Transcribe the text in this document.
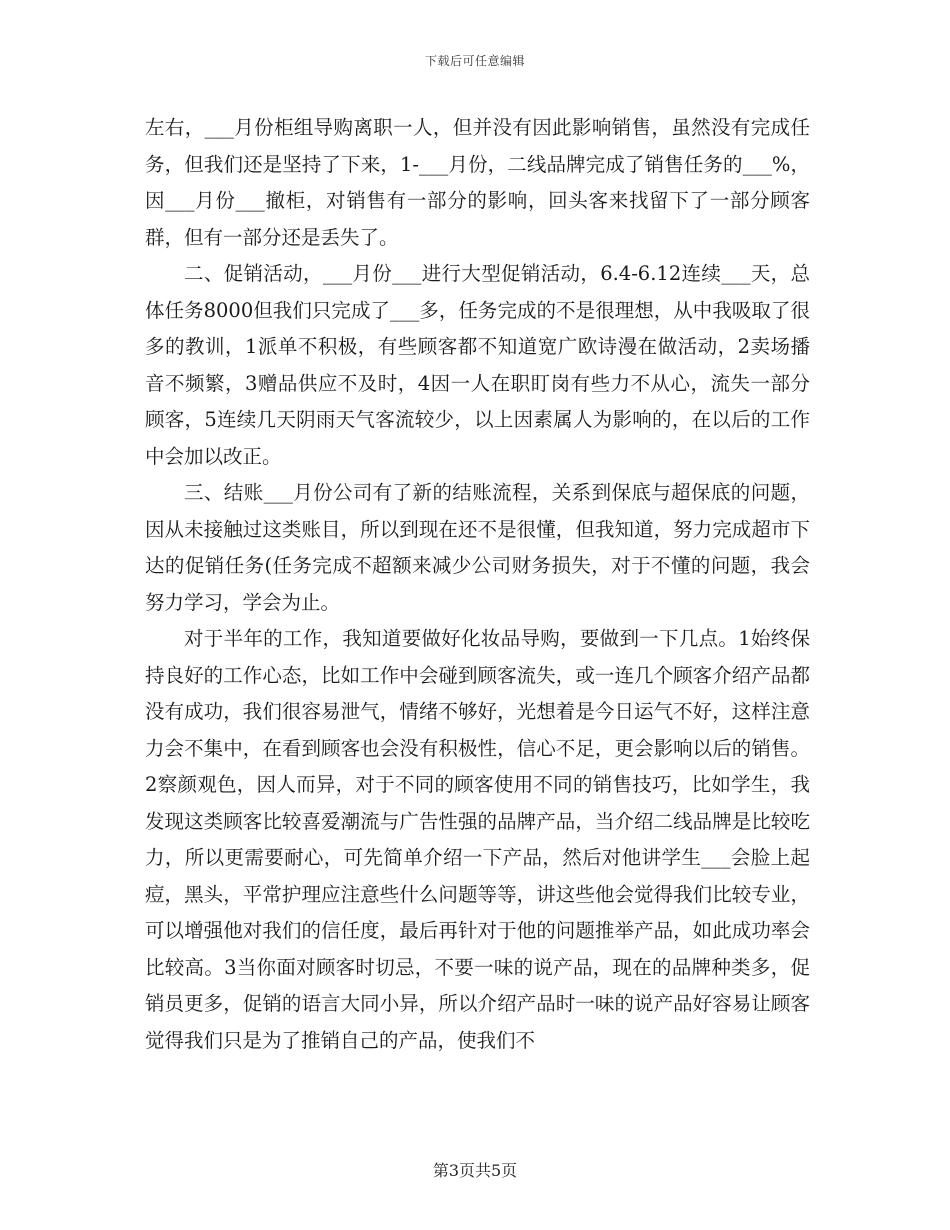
下载后可任意编辑

左右，___月份柜组导购离职一人，但并没有因此影响销售，虽然没有完成任务，但我们还是坚持了下来，1-___月份，二线品牌完成了销售任务的___%，因___月份___撤柜，对销售有一部分的影响，回头客来找留下了一部分顾客群，但有一部分还是丢失了。

二、促销活动，___月份___进行大型促销活动，6.4-6.12连续___天，总体任务8000但我们只完成了___多，任务完成的不是很理想，从中我吸取了很多的教训，1派单不积极，有些顾客都不知道宽广欧诗漫在做活动，2卖场播音不频繁，3赠品供应不及时，4因一人在职盯岗有些力不从心，流失一部分顾客，5连续几天阴雨天气客流较少，以上因素属人为影响的，在以后的工作中会加以改正。

三、结账___月份公司有了新的结账流程，关系到保底与超保底的问题，因从未接触过这类账目，所以到现在还不是很懂，但我知道，努力完成超市下达的促销任务(任务完成不超额来减少公司财务损失，对于不懂的问题，我会努力学习，学会为止。

对于半年的工作，我知道要做好化妆品导购，要做到一下几点。1始终保持良好的工作心态，比如工作中会碰到顾客流失，或一连几个顾客介绍产品都没有成功，我们很容易泄气，情绪不够好，光想着是今日运气不好，这样注意力会不集中，在看到顾客也会没有积极性，信心不足，更会影响以后的销售。2察颜观色，因人而异，对于不同的顾客使用不同的销售技巧，比如学生，我发现这类顾客比较喜爱潮流与广告性强的品牌产品，当介绍二线品牌是比较吃力，所以更需要耐心，可先简单介绍一下产品，然后对他讲学生___会脸上起痘，黑头，平常护理应注意些什么问题等等，讲这些他会觉得我们比较专业，可以增强他对我们的信任度，最后再针对于他的问题推举产品，如此成功率会比较高。3当你面对顾客时切忌，不要一味的说产品，现在的品牌种类多，促销员更多，促销的语言大同小异，所以介绍产品时一味的说产品好容易让顾客觉得我们只是为了推销自己的产品，使我们不

第3页共5页
